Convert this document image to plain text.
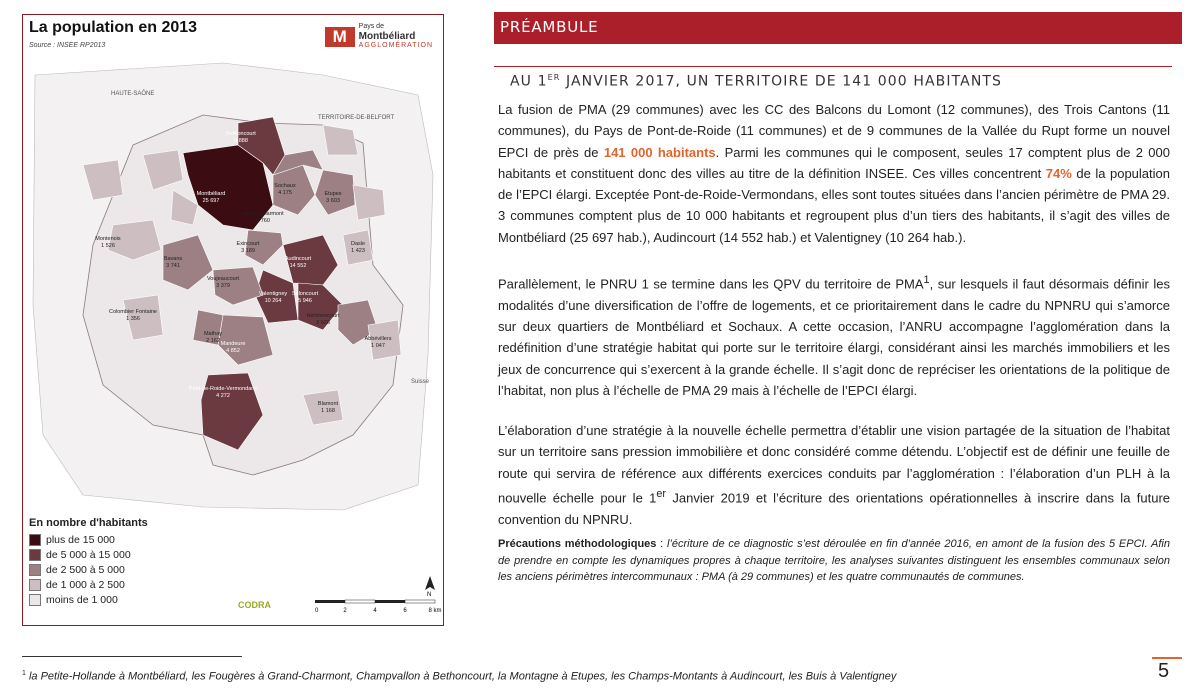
La population en 2013
Source : INSEE RP2013	M	Pays de
Montbéliard
AGGLOMÉRATION
HAUTE-SAÔNE
TERRITOIRE-DE-BELFORT
Suisse
Montbéliard
25 697
Bethoncourt
5 888
Audincourt
14 552
Valentigney
10 264
Seloncourt
5 946
Mandeure
4 852
Sochaux
4 175
Hérimoncourt
3 626
Pont-de-Roide-Vermondans
4 272
Bavans
3 741
Voujeaucourt
3 379
Etupes
3 603
Grand-Charmont
5 760
Exincourt
3 189
Mathay
2 162
Montenois
1 526
Colombier Fontaine
1 356
Dasle
1 423
Abbévillers
1 047
Blamont
1 168
En nombre d'habitants
plus de 15 000
de 5 000 à 15 000
de 2 500 à 5 000
de 1 000 à 2 500
moins de 1 000	CODRA
0	2	4	6	8 km
N
PRÉAMBULE
AU 1ER JANVIER 2017, UN TERRITOIRE DE 141 000 HABITANTS
La fusion de PMA (29 communes) avec les CC des Balcons du Lomont (12 communes), des Trois Cantons (11 communes), du Pays de Pont-de-Roide (11 communes) et de 9 communes de la Vallée du Rupt forme un nouvel EPCI de près de 141 000 habitants. Parmi les communes qui le composent, seules 17 comptent plus de 2 000 habitants et constituent donc des villes au titre de la définition INSEE. Ces villes concentrent 74% de la population de l’EPCI élargi. Exceptée Pont-de-Roide-Vermondans, elles sont toutes situées dans l’ancien périmètre de PMA 29. 3 communes comptent plus de 10 000 habitants et regroupent plus d’un tiers des habitants, il s’agit des villes de Montbéliard (25 697 hab.), Audincourt (14 552 hab.) et Valentigney (10 264 hab.).
Parallèlement, le PNRU 1 se termine dans les QPV du territoire de PMA$^1$, sur lesquels il faut désormais définir les modalités d’une diversification de l’offre de logements, et ce prioritairement dans le cadre du NPNRU qui s’amorce sur deux quartiers de Montbéliard et Sochaux. A cette occasion, l’ANRU accompagne l’agglomération dans la redéfinition d’une stratégie habitat qui porte sur le territoire élargi, considérant ainsi les marchés immobiliers et les jeux de concurrence qui s’exercent à la grande échelle. Il s’agit donc de repréciser les orientations de la politique de l’habitat, non plus à l’échelle de PMA 29 mais à l’échelle de l’EPCI élargi.
L’élaboration d’une stratégie à la nouvelle échelle permettra d’établir une vision partagée de la situation de l’habitat sur un territoire sans pression immobilière et donc considéré comme détendu. L’objectif est de définir une feuille de route qui servira de référence aux différents exercices conduits par l’agglomération : l’élaboration d’un PLH à la nouvelle échelle pour le 1er Janvier 2019 et l’écriture des orientations opérationnelles à inscrire dans la future convention du NPNRU.
Précautions méthodologiques : l’écriture de ce diagnostic s’est déroulée en fin d’année 2016, en amont de la fusion des 5 EPCI. Afin de prendre en compte les dynamiques propres à chaque territoire, les analyses suivantes distinguent les ensembles communaux selon les anciens périmètres intercommunaux : PMA (à 29 communes) et les quatre communautés de communes.
$^1$ la Petite-Hollande à Montbéliard, les Fougères à Grand-Charmont, Champvallon à Bethoncourt, la Montagne à Etupes, les Champs-Montants à Audincourt, les Buis à Valentigney	5
